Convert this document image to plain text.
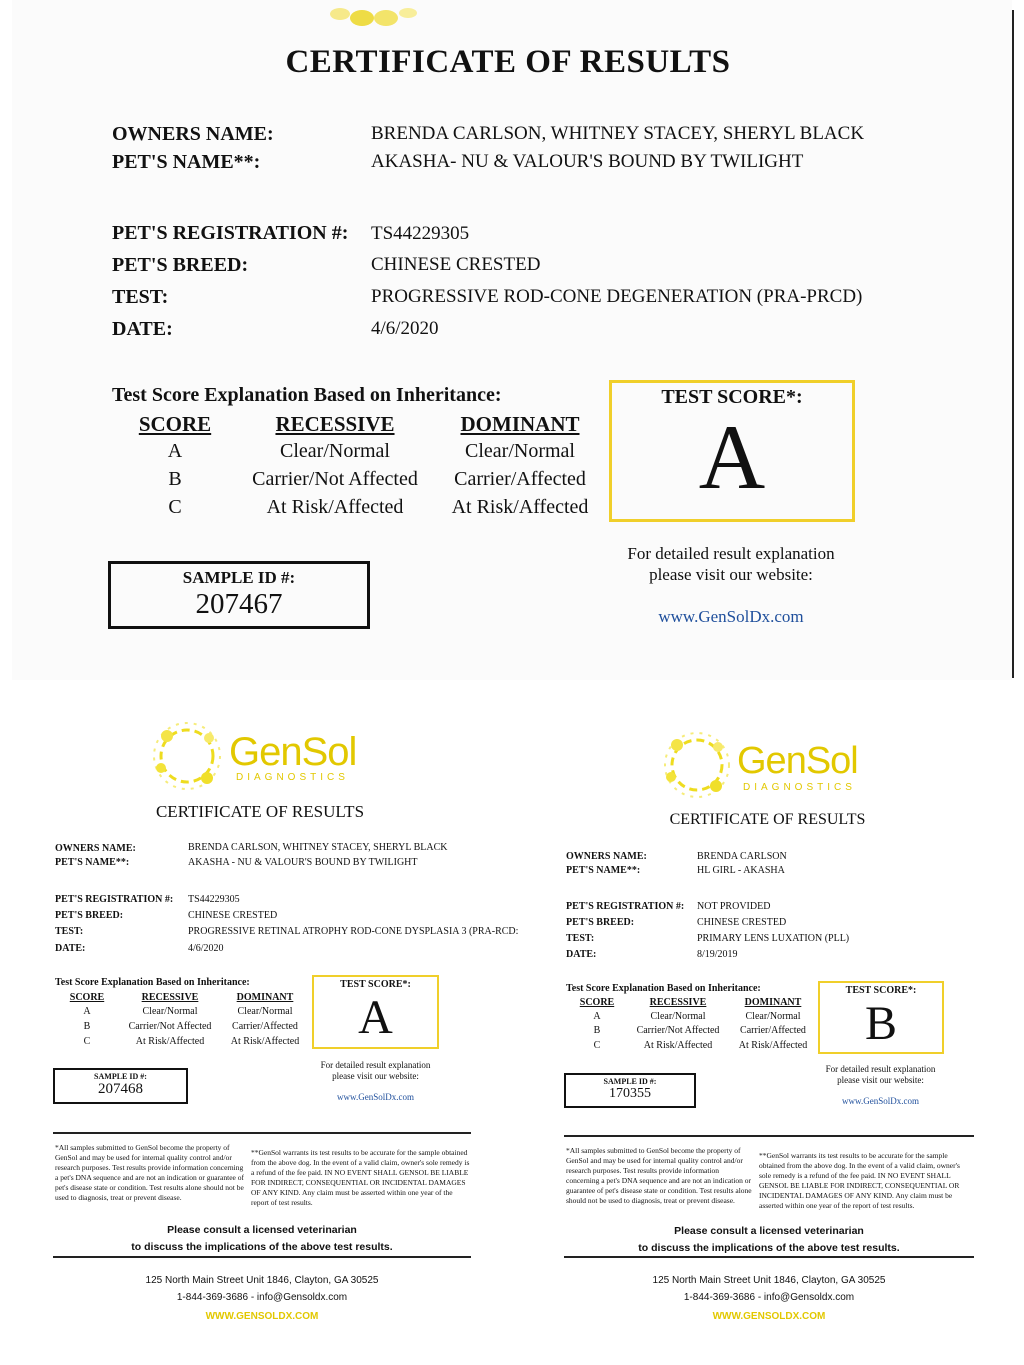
CERTIFICATE OF RESULTS
OWNERS NAME:	BRENDA CARLSON, WHITNEY STACEY, SHERYL BLACK
PET'S NAME**:	AKASHA- NU & VALOUR'S BOUND BY TWILIGHT
PET'S REGISTRATION #: TS44229305
PET'S BREED:	CHINESE CRESTED
TEST:	PROGRESSIVE ROD-CONE DEGENERATION (PRA-PRCD)
DATE:	4/6/2020
Test Score Explanation Based on Inheritance:
SCORE	RECESSIVE	DOMINANT
A	Clear/Normal	Clear/Normal
B	Carrier/Not Affected	Carrier/Affected
C	At Risk/Affected	At Risk/Affected
TEST SCORE*:
A
SAMPLE ID #:
207467
For detailed result explanation
please visit our website:
www.GenSolDx.com
GenSol
DIAGNOSTICS
CERTIFICATE OF RESULTS
OWNERS NAME:	BRENDA CARLSON, WHITNEY STACEY, SHERYL BLACK
PET'S NAME**:	AKASHA - NU & VALOUR'S BOUND BY TWILIGHT
PET'S REGISTRATION #: TS44229305
PET'S BREED:	CHINESE CRESTED
TEST:	PROGRESSIVE RETINAL ATROPHY ROD-CONE DYSPLASIA 3 (PRA-RCD:
DATE:	4/6/2020
Test Score Explanation Based on Inheritance:
SCORE	RECESSIVE	DOMINANT
A	Clear/Normal	Clear/Normal
B	Carrier/Not Affected	Carrier/Affected
C	At Risk/Affected	At Risk/Affected
TEST SCORE*:
A
SAMPLE ID #:
207468
For detailed result explanation
please visit our website:
www.GenSolDx.com
*All samples submitted to GenSol become the property of GenSol and may be used for internal quality control and/or research purposes. Test results provide information concerning a pet's DNA sequence and are not an indication or guarantee of pet's disease state or condition. Test results alone should not be used to diagnosis, treat or prevent disease.
**GenSol warrants its test results to be accurate for the sample obtained from the above dog. In the event of a valid claim, owner's sole remedy is a refund of the fee paid. IN NO EVENT SHALL GENSOL BE LIABLE FOR INDIRECT, CONSEQUENTIAL OR INCIDENTAL DAMAGES OF ANY KIND. Any claim must be asserted within one year of the report of test results.
Please consult a licensed veterinarian
to discuss the implications of the above test results.
125 North Main Street Unit 1846, Clayton, GA 30525
1-844-369-3686 - info@Gensoldx.com
WWW.GENSOLDX.COM
GenSol
DIAGNOSTICS
CERTIFICATE OF RESULTS
OWNERS NAME:	BRENDA CARLSON
PET'S NAME**:	HL GIRL - AKASHA
PET'S REGISTRATION #: NOT PROVIDED
PET'S BREED:	CHINESE CRESTED
TEST:	PRIMARY LENS LUXATION (PLL)
DATE:	8/19/2019
Test Score Explanation Based on Inheritance:
SCORE	RECESSIVE	DOMINANT
A	Clear/Normal	Clear/Normal
B	Carrier/Not Affected	Carrier/Affected
C	At Risk/Affected	At Risk/Affected
TEST SCORE*:
B
SAMPLE ID #:
170355
For detailed result explanation
please visit our website:
www.GenSolDx.com
*All samples submitted to GenSol become the property of GenSol and may be used for internal quality control and/or research purposes. Test results provide information concerning a pet's DNA sequence and are not an indication or guarantee of pet's disease state or condition. Test results alone should not be used to diagnosis, treat or prevent disease.
**GenSol warrants its test results to be accurate for the sample obtained from the above dog. In the event of a valid claim, owner's sole remedy is a refund of the fee paid. IN NO EVENT SHALL GENSOL BE LIABLE FOR INDIRECT, CONSEQUENTIAL OR INCIDENTAL DAMAGES OF ANY KIND. Any claim must be asserted within one year of the report of test results.
Please consult a licensed veterinarian
to discuss the implications of the above test results.
125 North Main Street Unit 1846, Clayton, GA 30525
1-844-369-3686 - info@Gensoldx.com
WWW.GENSOLDX.COM
